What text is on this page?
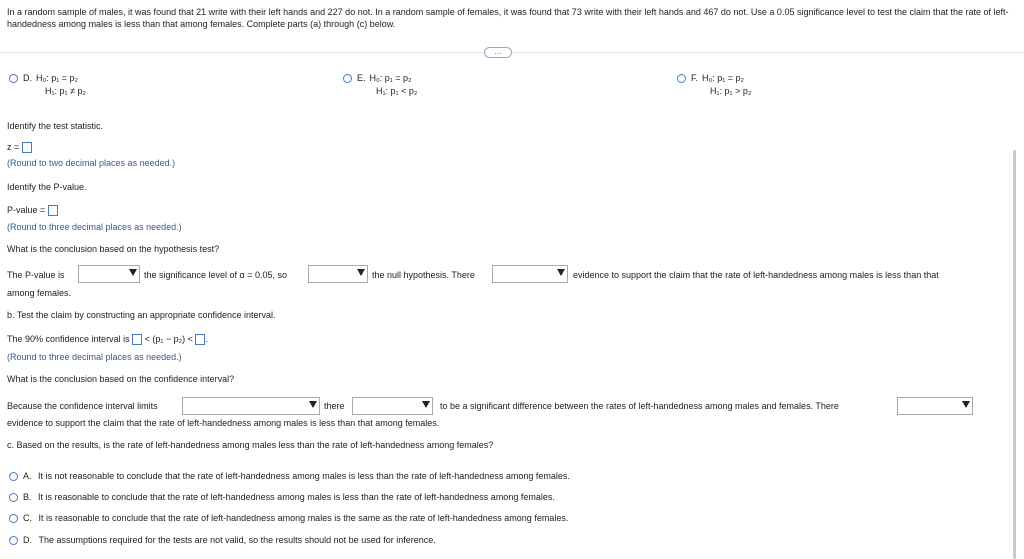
In a random sample of males, it was found that 21 write with their left hands and 227 do not. In a random sample of females, it was found that 73 write with their left hands and 467 do not. Use a 0.05 significance level to test the claim that the rate of left-handedness among males is less than that among females. Complete parts (a) through (c) below.
…
D. H₀: p₁ = p₂
H₁: p₁ ≠ p₂
E. H₀: p₁ = p₂
H₁: p₁ < p₂
F. H₀: p₁ = p₂
H₁: p₁ > p₂
Identify the test statistic.
z =
(Round to two decimal places as needed.)
Identify the P-value.
P-value =
(Round to three decimal places as needed.)
What is the conclusion based on the hypothesis test?
The P-value is	the significance level of α = 0.05, so	the null hypothesis. There	evidence to support the claim that the rate of left-handedness among males is less than that
among females.
b. Test the claim by constructing an appropriate confidence interval.
The 90% confidence interval is < (p₁ − p₂) < .
(Round to three decimal places as needed.)
What is the conclusion based on the confidence interval?
Because the confidence interval limits	there	to be a significant difference between the rates of left-handedness among males and females. There
evidence to support the claim that the rate of left-handedness among males is less than that among females.
c. Based on the results, is the rate of left-handedness among males less than the rate of left-handedness among females?
A. It is not reasonable to conclude that the rate of left-handedness among males is less than the rate of left-handedness among females.
B. It is reasonable to conclude that the rate of left-handedness among males is less than the rate of left-handedness among females.
C. It is reasonable to conclude that the rate of left-handedness among males is the same as the rate of left-handedness among females.
D. The assumptions required for the tests are not valid, so the results should not be used for inference.
